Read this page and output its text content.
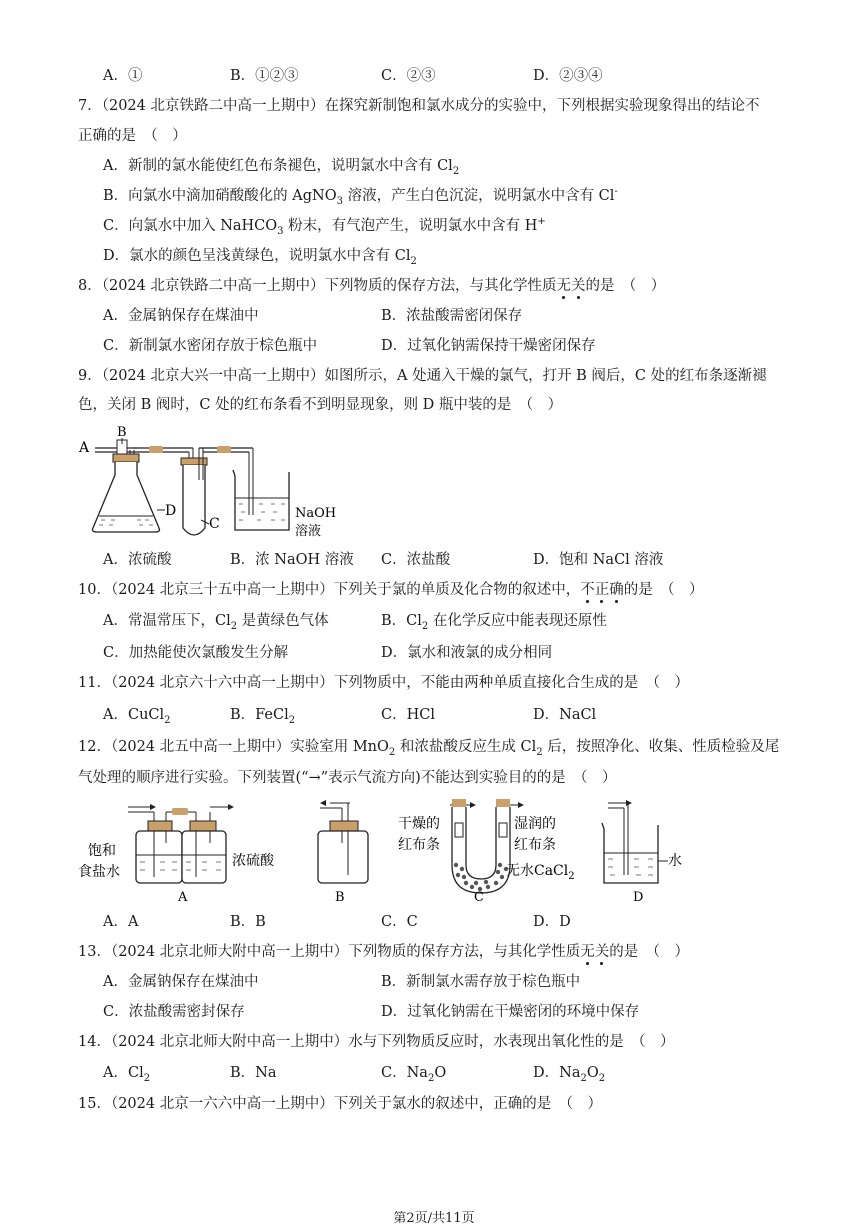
A．①	B．①②③	C．②③	D．②③④
7．（2024 北京铁路二中高一上期中）在探究新制饱和氯水成分的实验中，下列根据实验现象得出的结论不
正确的是　（　）
A．新制的氯水能使红色布条褪色，说明氯水中含有 $Cl_2$
B．向氯水中滴加硝酸酸化的 AgNO$_3$ 溶液，产生白色沉淀，说明氯水中含有 Cl-
C．向氯水中加入 NaHCO$_3$ 粉末，有气泡产生，说明氯水中含有 H+
D．氯水的颜色呈浅黄绿色，说明氯水中含有 $Cl_2$
8．（2024 北京铁路二中高一上期中）下列物质的保存方法，与其化学性质无关的是　（　）
A．金属钠保存在煤油中	B．浓盐酸需密闭保存
C．新制氯水密闭存放于棕色瓶中	D．过氧化钠需保持干燥密闭保存
9．（2024 北京大兴一中高一上期中）如图所示，A 处通入干燥的氯气，打开 B 阀后，C 处的红布条逐渐褪
色，关闭 B 阀时，C 处的红布条看不到明显现象，则 D 瓶中装的是　（　）
A
B
D
C
NaOH
溶液
A．浓硫酸	B．浓 NaOH 溶液 C．浓盐酸	D．饱和 NaCl 溶液
10．（2024 北京三十五中高一上期中）下列关于氯的单质及化合物的叙述中，不正确的是　（　）
A．常温常压下，$Cl_2$ 是黄绿色气体	B．$Cl_2$ 在化学反应中能表现还原性
C．加热能使次氯酸发生分解	D．氯水和液氯的成分相同
11．（2024 北京六十六中高一上期中）下列物质中，不能由两种单质直接化合生成的是　（　）
A．CuCl$_2$	B．FeCl$_2$	C．HCl	D．NaCl
12．（2024 北五中高一上期中）实验室用 MnO$_2$ 和浓盐酸反应生成 $Cl_2$ 后，按照净化、收集、性质检验及尾
气处理的顺序进行实验。下列装置(“→”表示气流方向)不能达到实验目的的是　（　）
饱和
食盐水
浓硫酸
A	B
干燥的
红布条
湿润的
红布条
无水CaCl$_2$
C
水
D
A．A	B．B	C．C	D．D
13．（2024 北京北师大附中高一上期中）下列物质的保存方法，与其化学性质无关的是　（　）
A．金属钠保存在煤油中	B．新制氯水需存放于棕色瓶中
C．浓盐酸需密封保存	D．过氧化钠需在干燥密闭的环境中保存
14．（2024 北京北师大附中高一上期中）水与下列物质反应时，水表现出氧化性的是　（　）
A．$Cl_2$	B．Na	C．$Na_2O$	D．$Na_2O_2$
15．（2024 北京一六六中高一上期中）下列关于氯水的叙述中，正确的是　（　）
第2页/共11页
